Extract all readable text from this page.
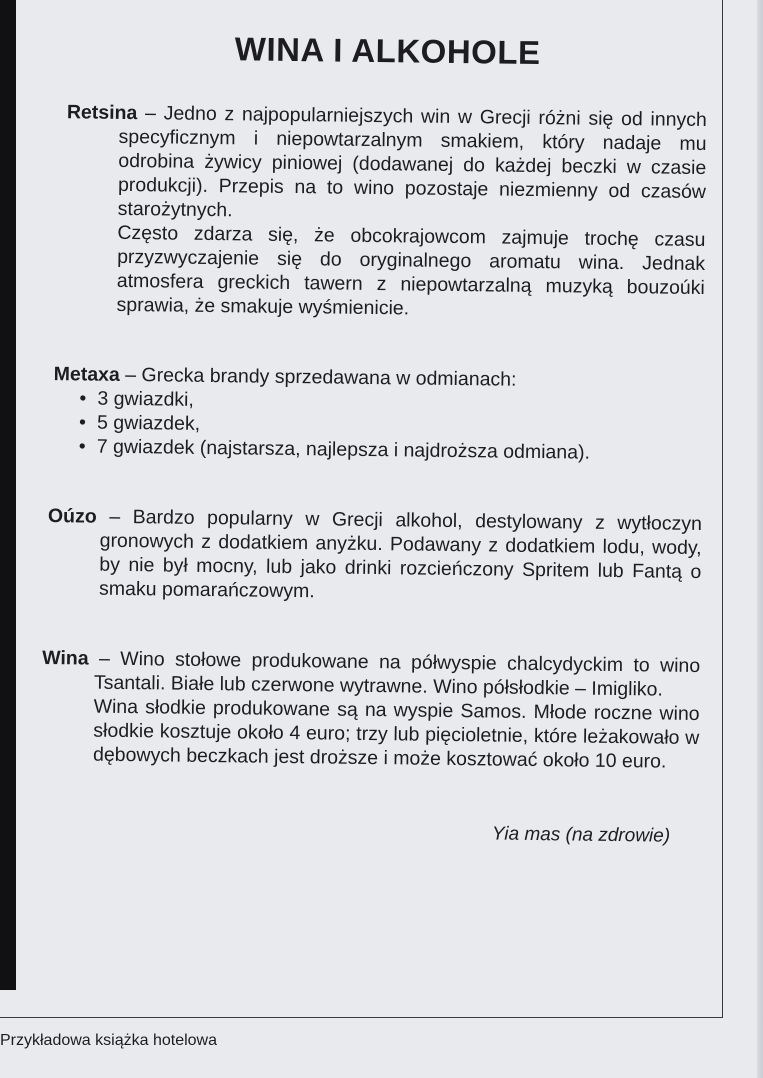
WINA I ALKOHOLE

Retsina – Jedno z najpopularniejszych win w Grecji różni się od innych specyficznym i niepowtarzalnym smakiem, który nadaje mu odrobina żywicy piniowej (dodawanej do każdej beczki w czasie produkcji). Przepis na to wino pozostaje niezmienny od czasów starożytnych.

Często zdarza się, że obcokrajowcom zajmuje trochę czasu przyzwyczajenie się do oryginalnego aromatu wina. Jednak atmosfera greckich tawern z niepowtarzalną muzyką bouzoúki sprawia, że smakuje wyśmienicie.

Metaxa – Grecka brandy sprzedawana w odmianach:

• 3 gwiazdki,
• 5 gwiazdek,
• 7 gwiazdek (najstarsza, najlepsza i najdroższa odmiana).

Oúzo – Bardzo popularny w Grecji alkohol, destylowany z wytłoczyn gronowych z dodatkiem anyżku. Podawany z dodatkiem lodu, wody, by nie był mocny, lub jako drinki rozcieńczony Spritem lub Fantą o smaku pomarańczowym.

Wina – Wino stołowe produkowane na półwyspie chalcydyckim to wino Tsantali. Białe lub czerwone wytrawne. Wino półsłodkie – Imigliko.

Wina słodkie produkowane są na wyspie Samos. Młode roczne wino słodkie kosztuje około 4 euro; trzy lub pięcioletnie, które leżakowało w dębowych beczkach jest droższe i może kosztować około 10 euro.

Yia mas (na zdrowie)
Przykładowa książka hotelowa
